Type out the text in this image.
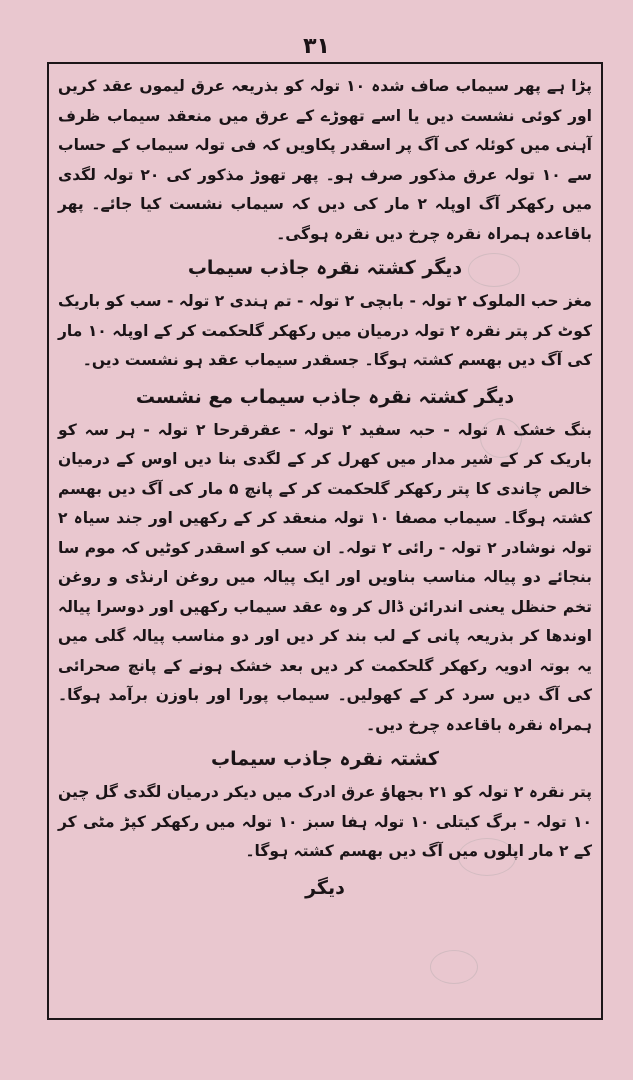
۳۱

پڑا ہے پھر سیماب صاف شدہ ۱۰ تولہ کو بذریعہ عرق لیموں عقد کریں اور کوئی نشست دیں یا اسے تھوڑے کے عرق میں منعقد سیماب ظرف آہنی میں کوئلہ کی آگ پر اسقدر پکاویں کہ فی تولہ سیماب کے حساب سے ۱۰ تولہ عرق مذکور صرف ہو۔ پھر تھوڑ مذکور کی ۲۰ تولہ لگدی میں رکھکر آگ اوپلہ ۲ مار کی دیں کہ سیماب نشست کیا جائے۔ پھر باقاعدہ ہمراہ نقرہ چرخ دیں نقرہ ہوگی۔

دیگر کشتہ نقرہ جاذب سیماب

مغز حب الملوک ۲ تولہ - بابچی ۲ تولہ - تم ہندی ۲ تولہ - سب کو باریک کوٹ کر پتر نقرہ ۲ تولہ درمیان میں رکھکر گلحکمت کر کے اوپلہ ۱۰ مار کی آگ دیں بھسم کشتہ ہوگا۔ جسقدر سیماب عقد ہو نشست دیں۔

دیگر کشتہ نقرہ جاذب سیماب مع نشست

بنگ خشک ۸ تولہ - حبہ سفید ۲ تولہ - عقرقرحا ۲ تولہ - ہر سہ کو باریک کر کے شیر مدار میں کھرل کر کے لگدی بنا دیں اوس کے درمیان خالص چاندی کا پتر رکھکر گلحکمت کر کے پانچ ۵ مار کی آگ دیں بھسم کشتہ ہوگا۔ سیماب مصفا ۱۰ تولہ منعقد کر کے رکھیں اور جند سیاہ ۲ تولہ نوشادر ۲ تولہ - رائی ۲ تولہ۔ ان سب کو اسقدر کوٹیں کہ موم سا بنجائے دو پیالہ مناسب بناویں اور ایک پیالہ میں روغن ارنڈی و روغن تخم حنظل یعنی اندرائن ڈال کر وہ عقد سیماب رکھیں اور دوسرا پیالہ اوندھا کر بذریعہ پانی کے لب بند کر دیں اور دو مناسب پیالہ گلی میں یہ بوتہ ادویہ رکھکر گلحکمت کر دیں بعد خشک ہونے کے پانچ صحرائی کی آگ دیں سرد کر کے کھولیں۔ سیماب پورا اور باوزن برآمد ہوگا۔ ہمراہ نقرہ باقاعدہ چرخ دیں۔

کشتہ نقرہ جاذب سیماب

پتر نقرہ ۲ تولہ کو ۲۱ بجھاؤ عرق ادرک میں دیکر درمیان لگدی گل چین ۱۰ تولہ - برگ کیتلی ۱۰ تولہ ہفا سبز ۱۰ تولہ میں رکھکر کپڑ مٹی کر کے ۲ مار اپلوں میں آگ دیں بھسم کشتہ ہوگا۔

دیگر
